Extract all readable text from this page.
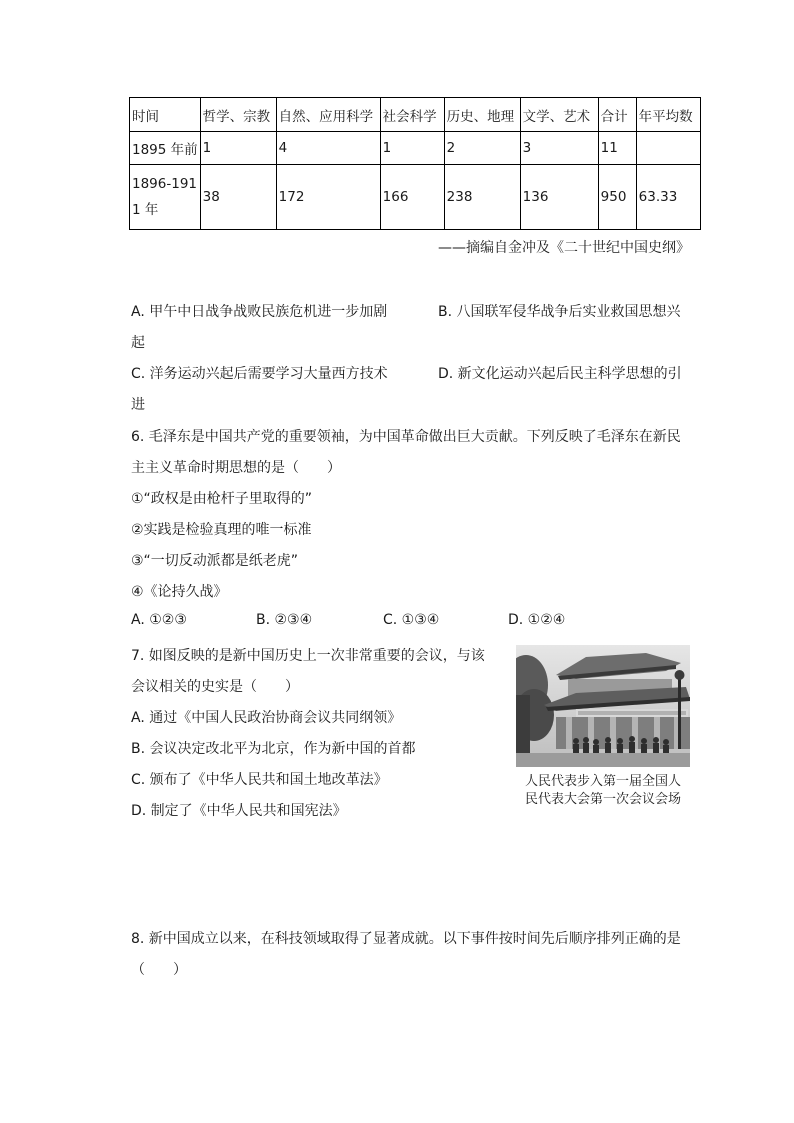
时间	哲学、宗教	自然、应用科学	社会科学	历史、地理	文学、艺术	合计	年平均数
1895 年前	1	4	1	2	3	11	
1896-1911 年	38	172	166	238	136	950	63.33
——摘编自金冲及《二十世纪中国史纲》
A. 甲午中日战争战败民族危机进一步加剧	B. 八国联军侵华战争后实业救国思想兴
起
C. 洋务运动兴起后需要学习大量西方技术	D. 新文化运动兴起后民主科学思想的引
进
6. 毛泽东是中国共产党的重要领袖，为中国革命做出巨大贡献。下列反映了毛泽东在新民
主主义革命时期思想的是（　　）
①“政权是由枪杆子里取得的”
②实践是检验真理的唯一标准
③“一切反动派都是纸老虎”
④《论持久战》
A. ①②③	B. ②③④	C. ①③④	D. ①②④
7. 如图反映的是新中国历史上一次非常重要的会议，与该
会议相关的史实是（　　）
A. 通过《中国人民政治协商会议共同纲领》
B. 会议决定改北平为北京，作为新中国的首都
C. 颁布了《中华人民共和国土地改革法》
D. 制定了《中华人民共和国宪法》
人民代表步入第一届全国人
民代表大会第一次会议会场
8. 新中国成立以来，在科技领域取得了显著成就。以下事件按时间先后顺序排列正确的是
（　　）
